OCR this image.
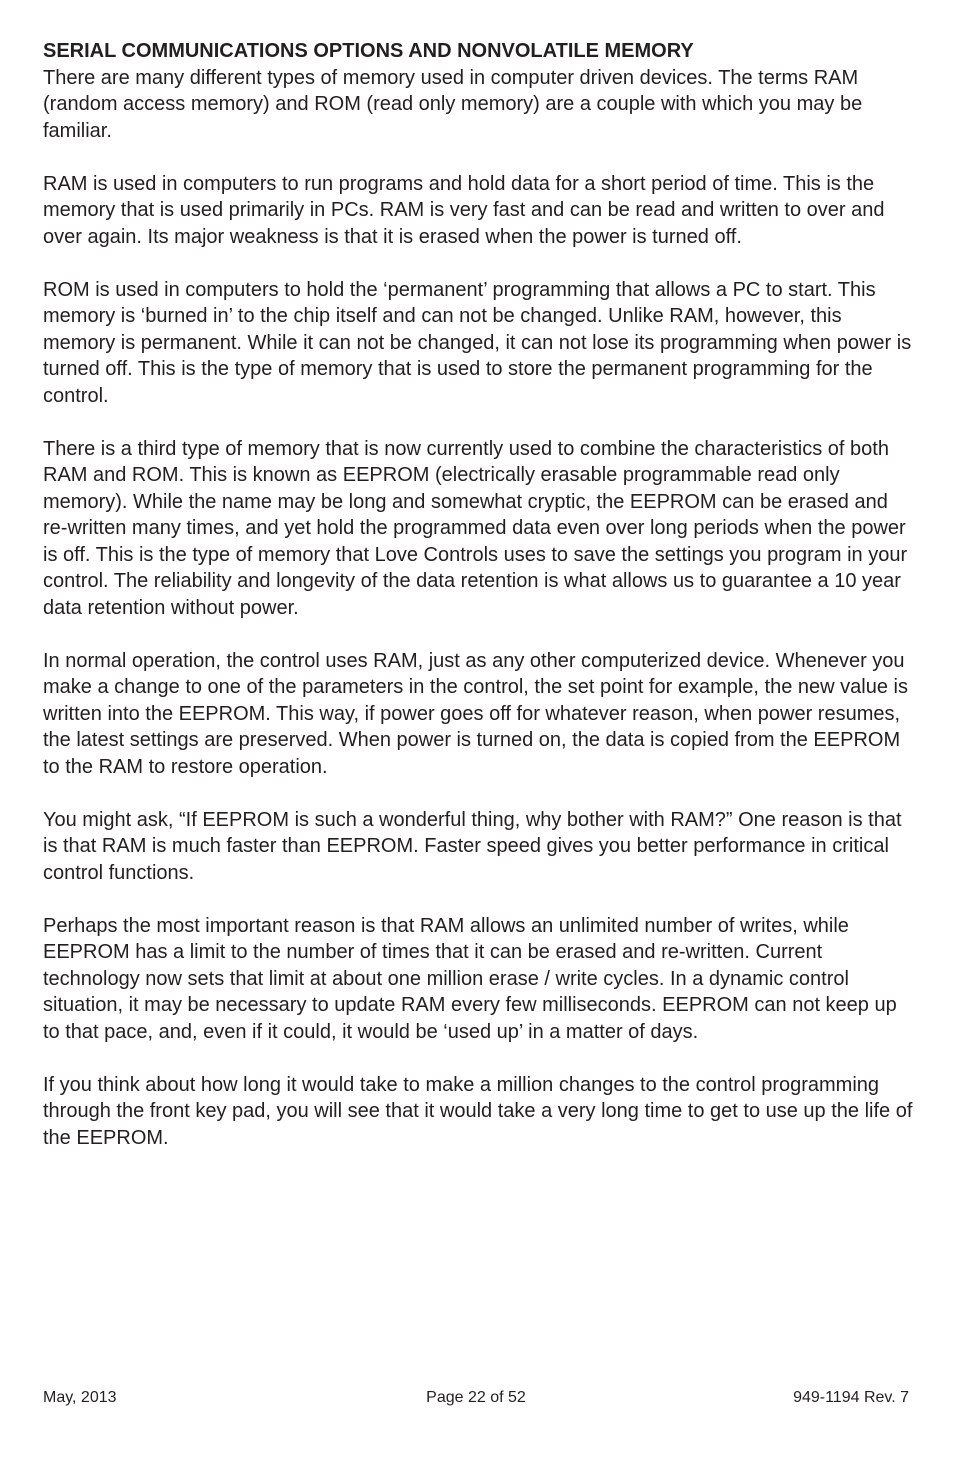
SERIAL COMMUNICATIONS OPTIONS AND NONVOLATILE MEMORY

There are many different types of memory used in computer driven devices. The terms RAM (random access memory) and ROM (read only memory) are a couple with which you may be familiar.

RAM is used in computers to run programs and hold data for a short period of time. This is the memory that is used primarily in PCs. RAM is very fast and can be read and written to over and over again. Its major weakness is that it is erased when the power is turned off.

ROM is used in computers to hold the ‘permanent’ programming that allows a PC to start. This memory is ‘burned in’ to the chip itself and can not be changed. Unlike RAM, however, this memory is permanent. While it can not be changed, it can not lose its programming when power is turned off. This is the type of memory that is used to store the permanent programming for the control.

There is a third type of memory that is now currently used to combine the characteristics of both RAM and ROM. This is known as EEPROM (electrically erasable programmable read only memory). While the name may be long and somewhat cryptic, the EEPROM can be erased and re-written many times, and yet hold the programmed data even over long periods when the power is off. This is the type of memory that Love Controls uses to save the settings you program in your control. The reliability and longevity of the data retention is what allows us to guarantee a 10 year data retention without power.

In normal operation, the control uses RAM, just as any other computerized device. Whenever you make a change to one of the parameters in the control, the set point for example, the new value is written into the EEPROM. This way, if power goes off for whatever reason, when power resumes, the latest settings are preserved. When power is turned on, the data is copied from the EEPROM to the RAM to restore operation.

You might ask, “If EEPROM is such a wonderful thing, why bother with RAM?” One reason is that is that RAM is much faster than EEPROM. Faster speed gives you better performance in critical control functions.

Perhaps the most important reason is that RAM allows an unlimited number of writes, while EEPROM has a limit to the number of times that it can be erased and re-written. Current technology now sets that limit at about one million erase / write cycles. In a dynamic control situation, it may be necessary to update RAM every few milliseconds. EEPROM can not keep up to that pace, and, even if it could, it would be ‘used up’ in a matter of days.

If you think about how long it would take to make a million changes to the control programming through the front key pad, you will see that it would take a very long time to get to use up the life of the EEPROM.

May, 2013	Page 22 of 52	949-1194 Rev. 7
